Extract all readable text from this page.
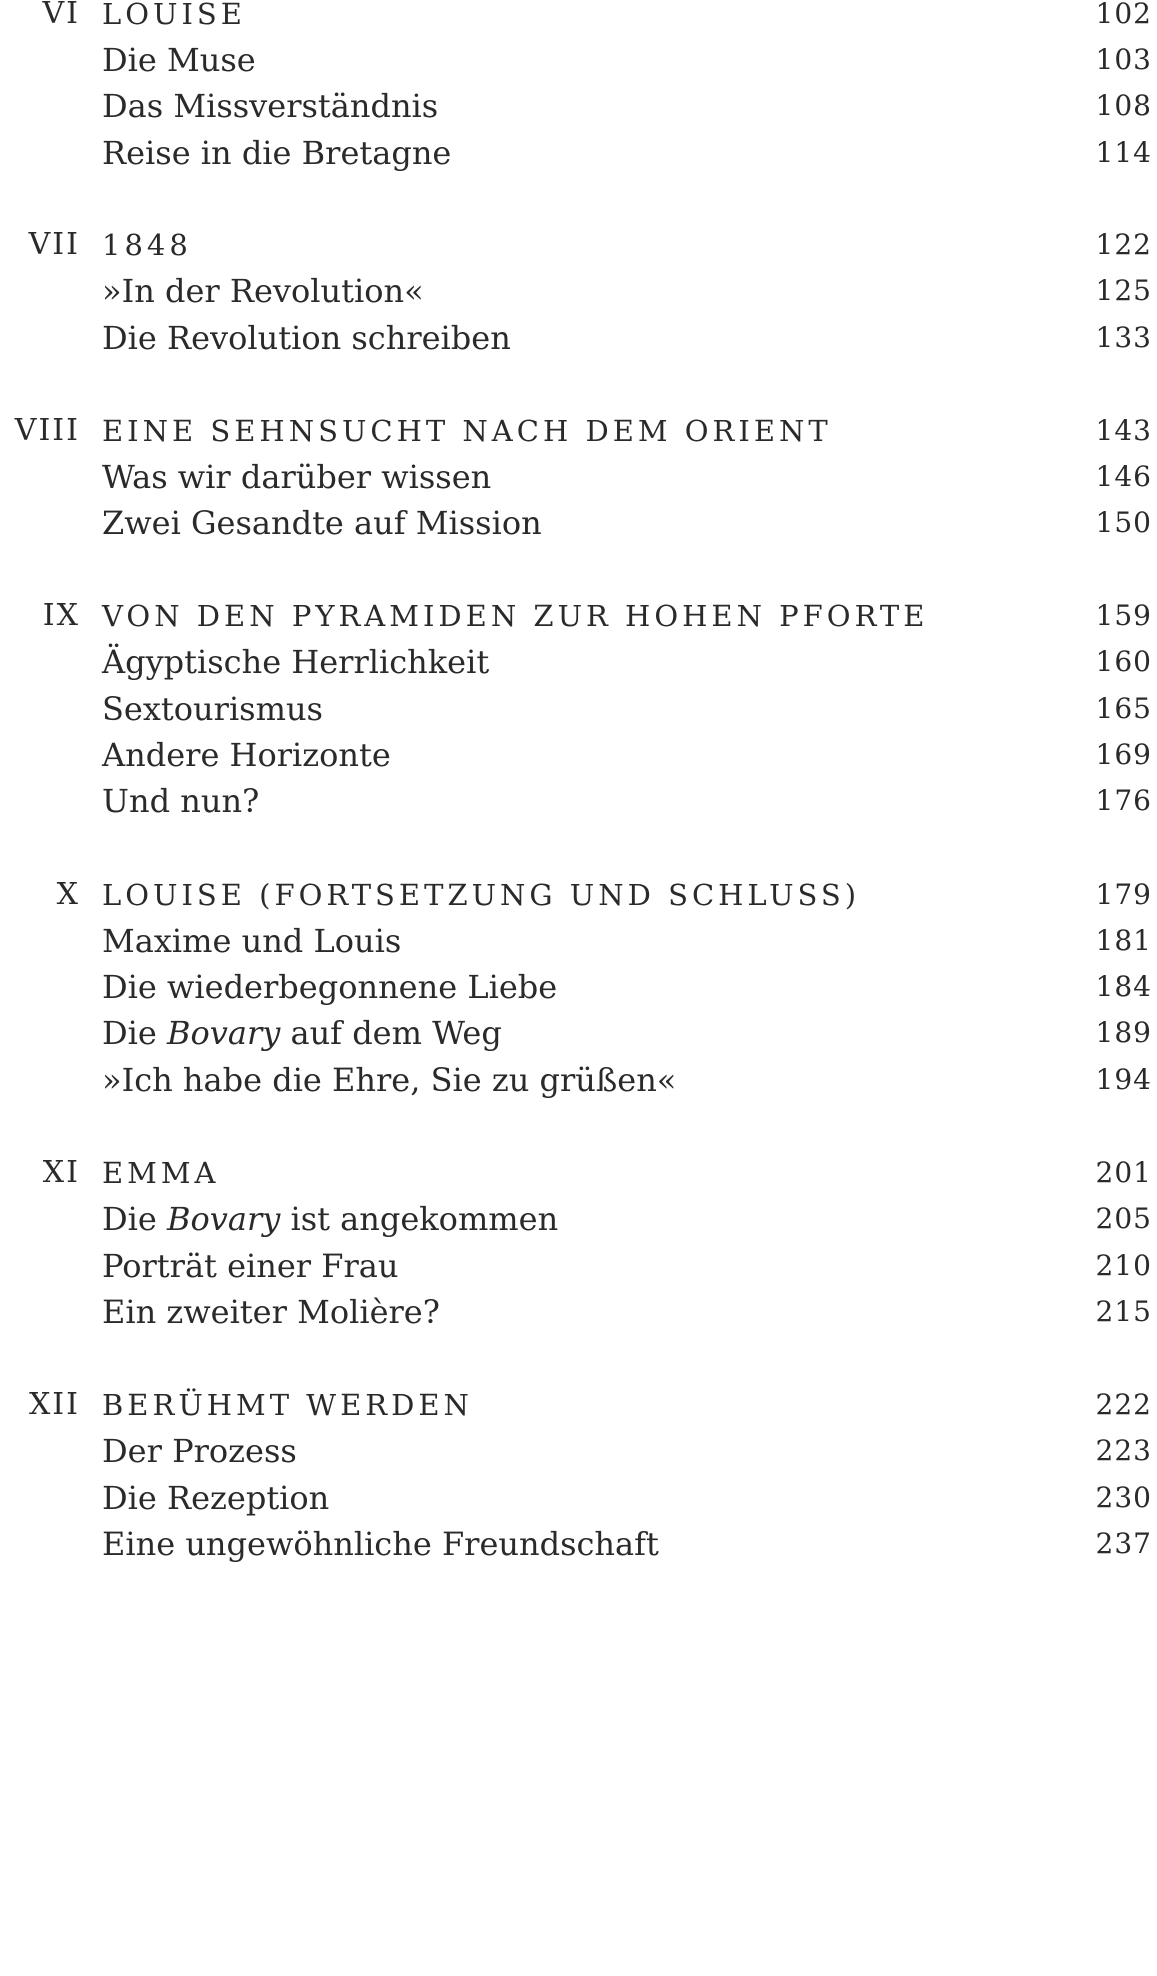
VI LOUISE	102
Die Muse	103
Das Missverständnis	108
Reise in die Bretagne	114
VII 1848	122
»In der Revolution«	125
Die Revolution schreiben	133
VIII EINE SEHNSUCHT NACH DEM ORIENT	143
Was wir darüber wissen	146
Zwei Gesandte auf Mission	150
IX VON DEN PYRAMIDEN ZUR HOHEN PFORTE	159
Ägyptische Herrlichkeit	160
Sextourismus	165
Andere Horizonte	169
Und nun?	176
X LOUISE (FORTSETZUNG UND SCHLUSS)	179
Maxime und Louis	181
Die wiederbegonnene Liebe	184
Die Bovary auf dem Weg	189
»Ich habe die Ehre, Sie zu grüßen«	194
XI EMMA	201
Die Bovary ist angekommen	205
Porträt einer Frau	210
Ein zweiter Molière?	215
XII BERÜHMT WERDEN	222
Der Prozess	223
Die Rezeption	230
Eine ungewöhnliche Freundschaft	237
